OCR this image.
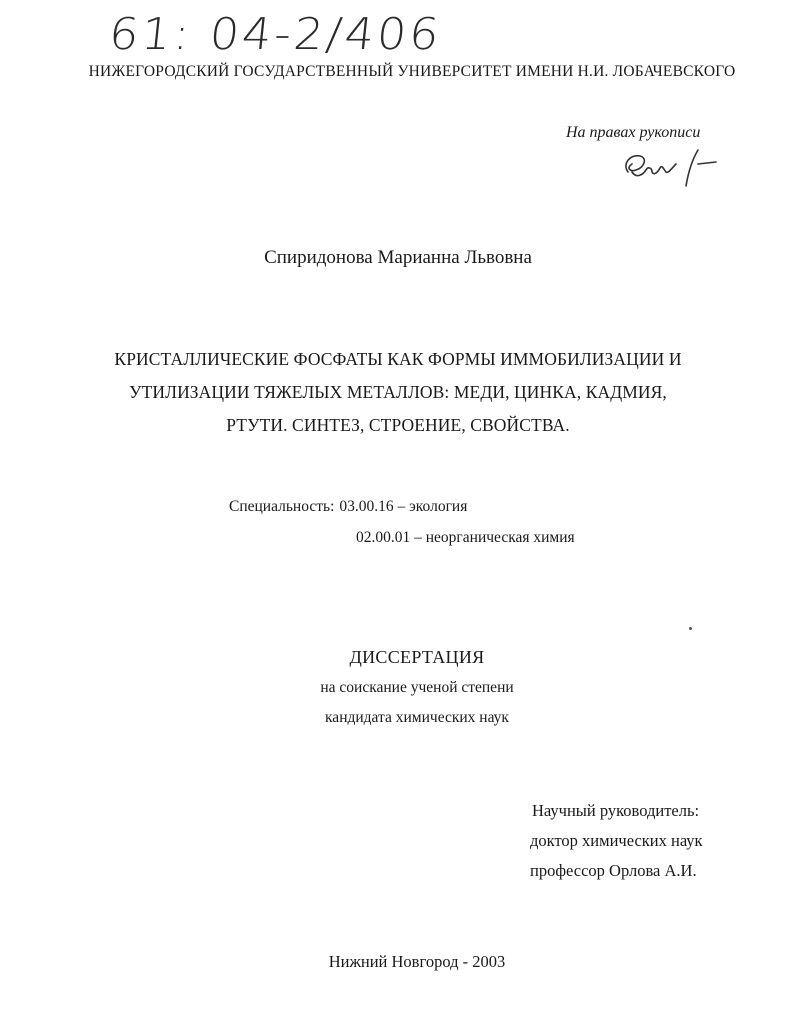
61: 04-2/406
НИЖЕГОРОДСКИЙ ГОСУДАРСТВЕННЫЙ УНИВЕРСИТЕТ ИМЕНИ Н.И. ЛОБАЧЕВСКОГО
На правах рукописи
Спиридонова Марианна Львовна
КРИСТАЛЛИЧЕСКИЕ ФОСФАТЫ КАК ФОРМЫ ИММОБИЛИЗАЦИИ И
УТИЛИЗАЦИИ ТЯЖЕЛЫХ МЕТАЛЛОВ: МЕДИ, ЦИНКА, КАДМИЯ,
РТУТИ. СИНТЕЗ, СТРОЕНИЕ, СВОЙСТВА.
Специальность: 03.00.16 – экология
02.00.01 – неорганическая химия
ДИССЕРТАЦИЯ
на соискание ученой степени
кандидата химических наук
Научный руководитель:
доктор химических наук
профессор Орлова А.И.
Нижний Новгород - 2003
